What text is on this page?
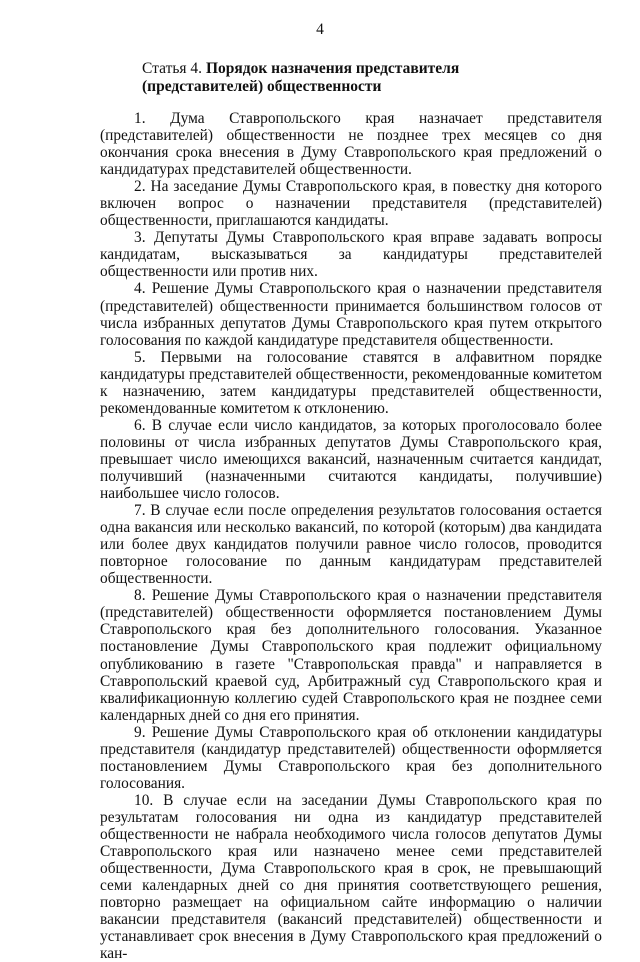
4
Статья 4. Порядок назначения представителя (представителей) общественности

1. Дума Ставропольского края назначает представителя (представителей) общественности не позднее трех месяцев со дня окончания срока внесения в Думу Ставропольского края предложений о кандидатурах представителей общественности.

2. На заседание Думы Ставропольского края, в повестку дня которого включен вопрос о назначении представителя (представителей) общественности, приглашаются кандидаты.

3. Депутаты Думы Ставропольского края вправе задавать вопросы кандидатам, высказываться за кандидатуры представителей общественности или против них.

4. Решение Думы Ставропольского края о назначении представителя (представителей) общественности принимается большинством голосов от числа избранных депутатов Думы Ставропольского края путем открытого голосования по каждой кандидатуре представителя общественности.

5. Первыми на голосование ставятся в алфавитном порядке кандидатуры представителей общественности, рекомендованные комитетом к назначению, затем кандидатуры представителей общественности, рекомендованные комитетом к отклонению.

6. В случае если число кандидатов, за которых проголосовало более половины от числа избранных депутатов Думы Ставропольского края, превышает число имеющихся вакансий, назначенным считается кандидат, получивший (назначенными считаются кандидаты, получившие) наибольшее число голосов.

7. В случае если после определения результатов голосования остается одна вакансия или несколько вакансий, по которой (которым) два кандидата или более двух кандидатов получили равное число голосов, проводится повторное голосование по данным кандидатурам представителей общественности.

8. Решение Думы Ставропольского края о назначении представителя (представителей) общественности оформляется постановлением Думы Ставропольского края без дополнительного голосования. Указанное постановление Думы Ставропольского края подлежит официальному опубликованию в газете "Ставропольская правда" и направляется в Ставропольский краевой суд, Арбитражный суд Ставропольского края и квалификационную коллегию судей Ставропольского края не позднее семи календарных дней со дня его принятия.

9. Решение Думы Ставропольского края об отклонении кандидатуры представителя (кандидатур представителей) общественности оформляется постановлением Думы Ставропольского края без дополнительного голосования.

10. В случае если на заседании Думы Ставропольского края по результатам голосования ни одна из кандидатур представителей общественности не набрала необходимого числа голосов депутатов Думы Ставропольского края или назначено менее семи представителей общественности, Дума Ставропольского края в срок, не превышающий семи календарных дней со дня принятия соответствующего решения, повторно размещает на официальном сайте информацию о наличии вакансии представителя (вакансий представителей) общественности и устанавливает срок внесения в Думу Ставропольского края предложений о кан-
